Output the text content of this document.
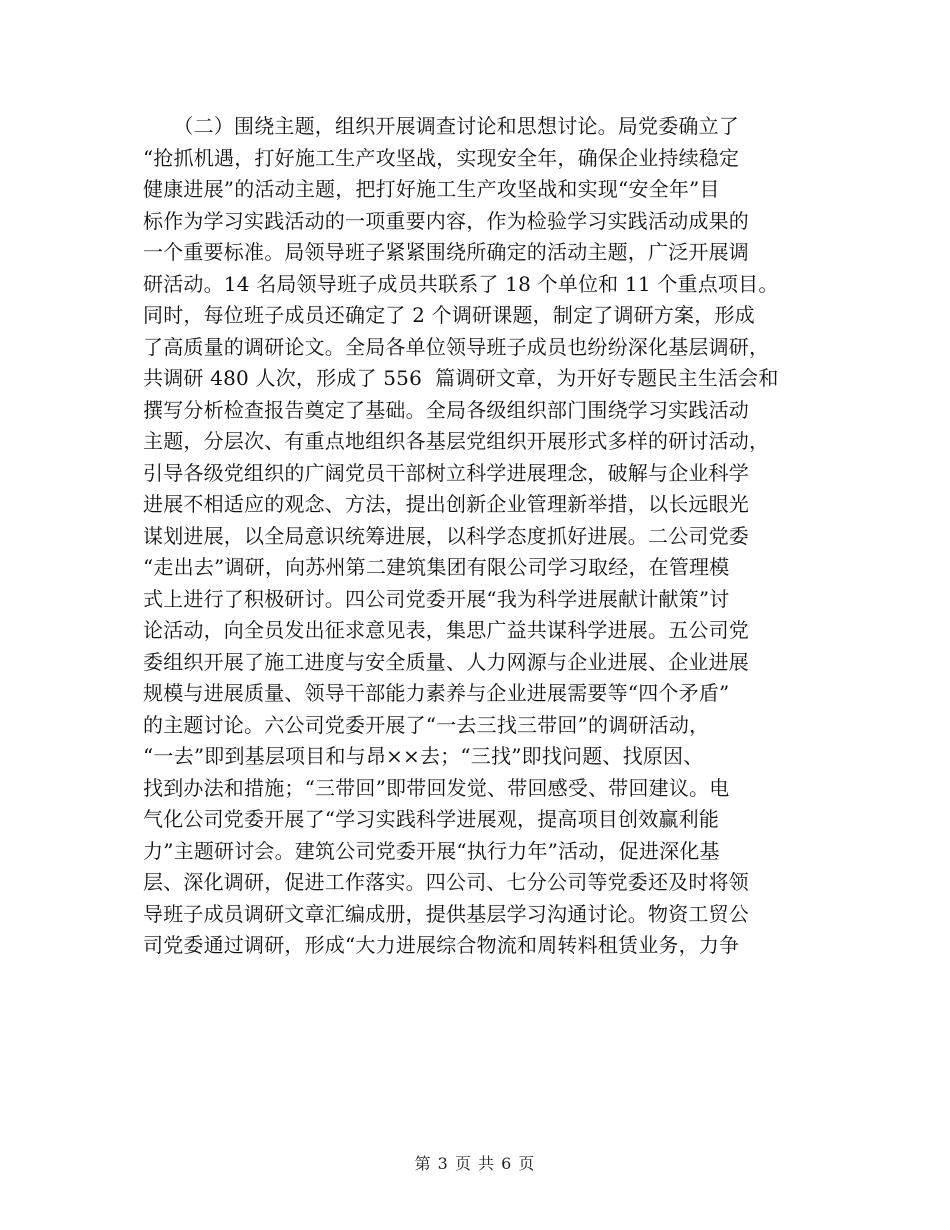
　　（二）围绕主题，组织开展调查讨论和思想讨论。局党委确立了
“抢抓机遇，打好施工生产攻坚战，实现安全年，确保企业持续稳定
健康进展”的活动主题，把打好施工生产攻坚战和实现“安全年”目
标作为学习实践活动的一项重要内容，作为检验学习实践活动成果的
一个重要标准。局领导班子紧紧围绕所确定的活动主题，广泛开展调
研活动。14 名局领导班子成员共联系了 18 个单位和 11 个重点项目。
同时，每位班子成员还确定了 2 个调研课题，制定了调研方案，形成
了高质量的调研论文。全局各单位领导班子成员也纷纷深化基层调研，
共调研 480 人次，形成了 556  篇调研文章，为开好专题民主生活会和
撰写分析检查报告奠定了基础。全局各级组织部门围绕学习实践活动
主题，分层次、有重点地组织各基层党组织开展形式多样的研讨活动，
引导各级党组织的广阔党员干部树立科学进展理念，破解与企业科学
进展不相适应的观念、方法，提出创新企业管理新举措，以长远眼光
谋划进展，以全局意识统筹进展，以科学态度抓好进展。二公司党委
“走出去”调研，向苏州第二建筑集团有限公司学习取经，在管理模
式上进行了积极研讨。四公司党委开展“我为科学进展献计献策”讨
论活动，向全员发出征求意见表，集思广益共谋科学进展。五公司党
委组织开展了施工进度与安全质量、人力网源与企业进展、企业进展
规模与进展质量、领导干部能力素养与企业进展需要等“四个矛盾”
的主题讨论。六公司党委开展了“一去三找三带回”的调研活动，
“一去”即到基层项目和与昂××去；“三找”即找问题、找原因、
找到办法和措施；“三带回”即带回发觉、带回感受、带回建议。电
气化公司党委开展了“学习实践科学进展观，提高项目创效赢利能
力”主题研讨会。建筑公司党委开展“执行力年”活动，促进深化基
层、深化调研，促进工作落实。四公司、七分公司等党委还及时将领
导班子成员调研文章汇编成册，提供基层学习沟通讨论。物资工贸公
司党委通过调研，形成“大力进展综合物流和周转料租赁业务，力争
第 3 页 共 6 页
